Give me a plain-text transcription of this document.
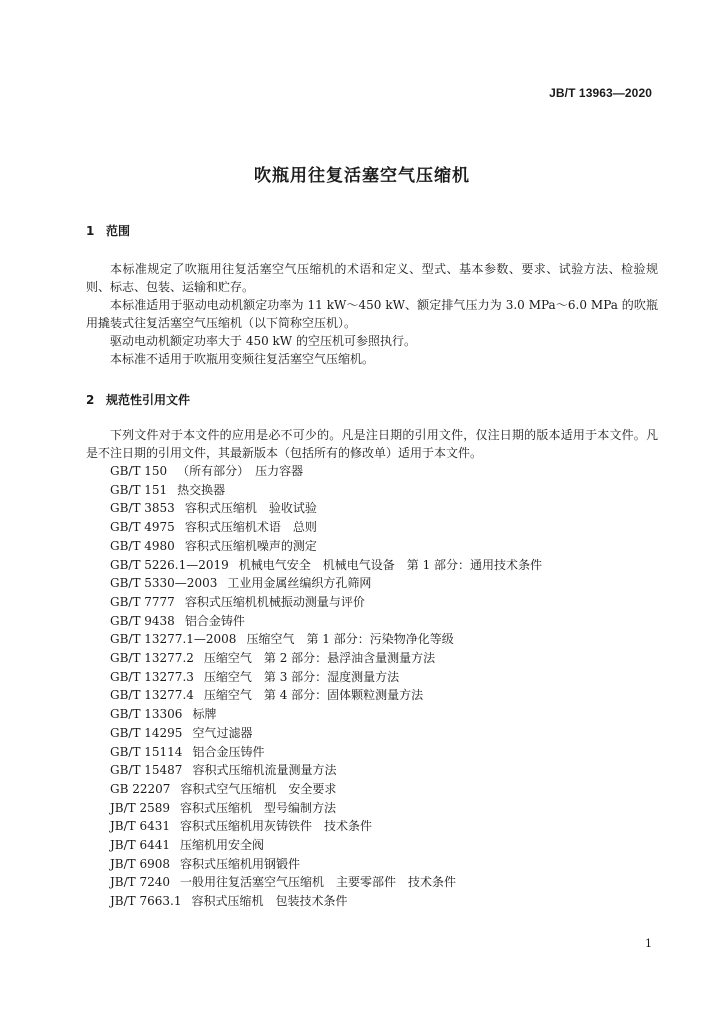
JB/T 13963—2020
吹瓶用往复活塞空气压缩机
1 范围

本标准规定了吹瓶用往复活塞空气压缩机的术语和定义、型式、基本参数、要求、试验方法、检验规则、标志、包装、运输和贮存。

本标准适用于驱动电动机额定功率为 11 kW～450 kW、额定排气压力为 3.0 MPa～6.0 MPa 的吹瓶用撬装式往复活塞空气压缩机（以下简称空压机）。

驱动电动机额定功率大于 450 kW 的空压机可参照执行。

本标准不适用于吹瓶用变频往复活塞空气压缩机。

2 规范性引用文件

下列文件对于本文件的应用是必不可少的。凡是注日期的引用文件，仅注日期的版本适用于本文件。凡是不注日期的引用文件，其最新版本（包括所有的修改单）适用于本文件。

GB/T 150 （所有部分）　压力容器
GB/T 151 热交换器
GB/T 3853 容积式压缩机　验收试验
GB/T 4975 容积式压缩机术语　总则
GB/T 4980 容积式压缩机噪声的测定
GB/T 5226.1—2019 机械电气安全　机械电气设备　第 1 部分：通用技术条件
GB/T 5330—2003 工业用金属丝编织方孔筛网
GB/T 7777 容积式压缩机机械振动测量与评价
GB/T 9438 铝合金铸件
GB/T 13277.1—2008 压缩空气　第 1 部分：污染物净化等级
GB/T 13277.2 压缩空气　第 2 部分：悬浮油含量测量方法
GB/T 13277.3 压缩空气　第 3 部分：湿度测量方法
GB/T 13277.4 压缩空气　第 4 部分：固体颗粒测量方法
GB/T 13306 标牌
GB/T 14295 空气过滤器
GB/T 15114 铝合金压铸件
GB/T 15487 容积式压缩机流量测量方法
GB 22207 容积式空气压缩机　安全要求
JB/T 2589 容积式压缩机　型号编制方法
JB/T 6431 容积式压缩机用灰铸铁件　技术条件
JB/T 6441 压缩机用安全阀
JB/T 6908 容积式压缩机用钢锻件
JB/T 7240 一般用往复活塞空气压缩机　主要零部件　技术条件
JB/T 7663.1 容积式压缩机　包装技术条件
1
